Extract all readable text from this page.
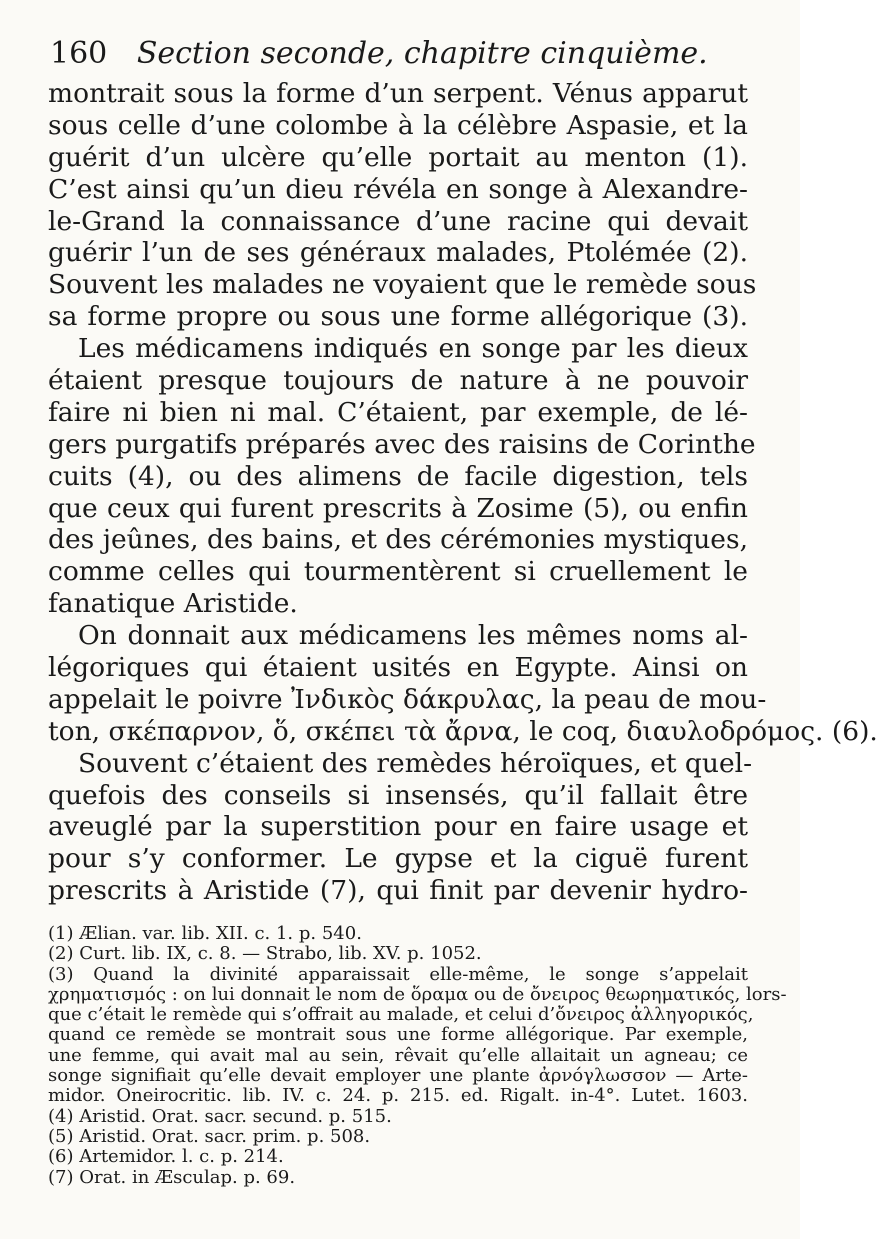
160 Section seconde, chapitre cinquième.
montrait sous la forme d’un serpent. Vénus apparut
sous celle d’une colombe à la célèbre Aspasie, et la
guérit d’un ulcère qu’elle portait au menton (1).
C’est ainsi qu’un dieu révéla en songe à Alexandre-
le-Grand la connaissance d’une racine qui devait
guérir l’un de ses généraux malades, Ptolémée (2).
Souvent les malades ne voyaient que le remède sous
sa forme propre ou sous une forme allégorique (3).
Les médicamens indiqués en songe par les dieux
étaient presque toujours de nature à ne pouvoir
faire ni bien ni mal. C’étaient, par exemple, de lé-
gers purgatifs préparés avec des raisins de Corinthe
cuits (4), ou des alimens de facile digestion, tels
que ceux qui furent prescrits à Zosime (5), ou enfin
des jeûnes, des bains, et des cérémonies mystiques,
comme celles qui tourmentèrent si cruellement le
fanatique Aristide.
On donnait aux médicamens les mêmes noms al-
légoriques qui étaient usités en Egypte. Ainsi on
appelait le poivre Ἰνδικὸς δάκρυλας, la peau de mou-
ton, σκέπαρνον, ὅ, σκέπει τὰ ἄρνα, le coq, διαυλοδρόμος. (6).
Souvent c’étaient des remèdes héroïques, et quel-
quefois des conseils si insensés, qu’il fallait être
aveuglé par la superstition pour en faire usage et
pour s’y conformer. Le gypse et la ciguë furent
prescrits à Aristide (7), qui finit par devenir hydro-
(1) Ælian. var. lib. XII. c. 1. p. 540.
(2) Curt. lib. IX, c. 8. — Strabo, lib. XV. p. 1052.
(3) Quand la divinité apparaissait elle-même, le songe s’appelait
χρηματισμός : on lui donnait le nom de ὅραμα ou de ὄνειρος θεωρηματικός, lors-
que c’était le remède qui s’offrait au malade, et celui d’ὄνειρος ἀλληγορικός,
quand ce remède se montrait sous une forme allégorique. Par exemple,
une femme, qui avait mal au sein, rêvait qu’elle allaitait un agneau; ce
songe signifiait qu’elle devait employer une plante ἀρνόγλωσσον — Arte-
midor. Oneirocritic. lib. IV. c. 24. p. 215. ed. Rigalt. in-4°. Lutet. 1603.
(4) Aristid. Orat. sacr. secund. p. 515.
(5) Aristid. Orat. sacr. prim. p. 508.
(6) Artemidor. l. c. p. 214.
(7) Orat. in Æsculap. p. 69.
